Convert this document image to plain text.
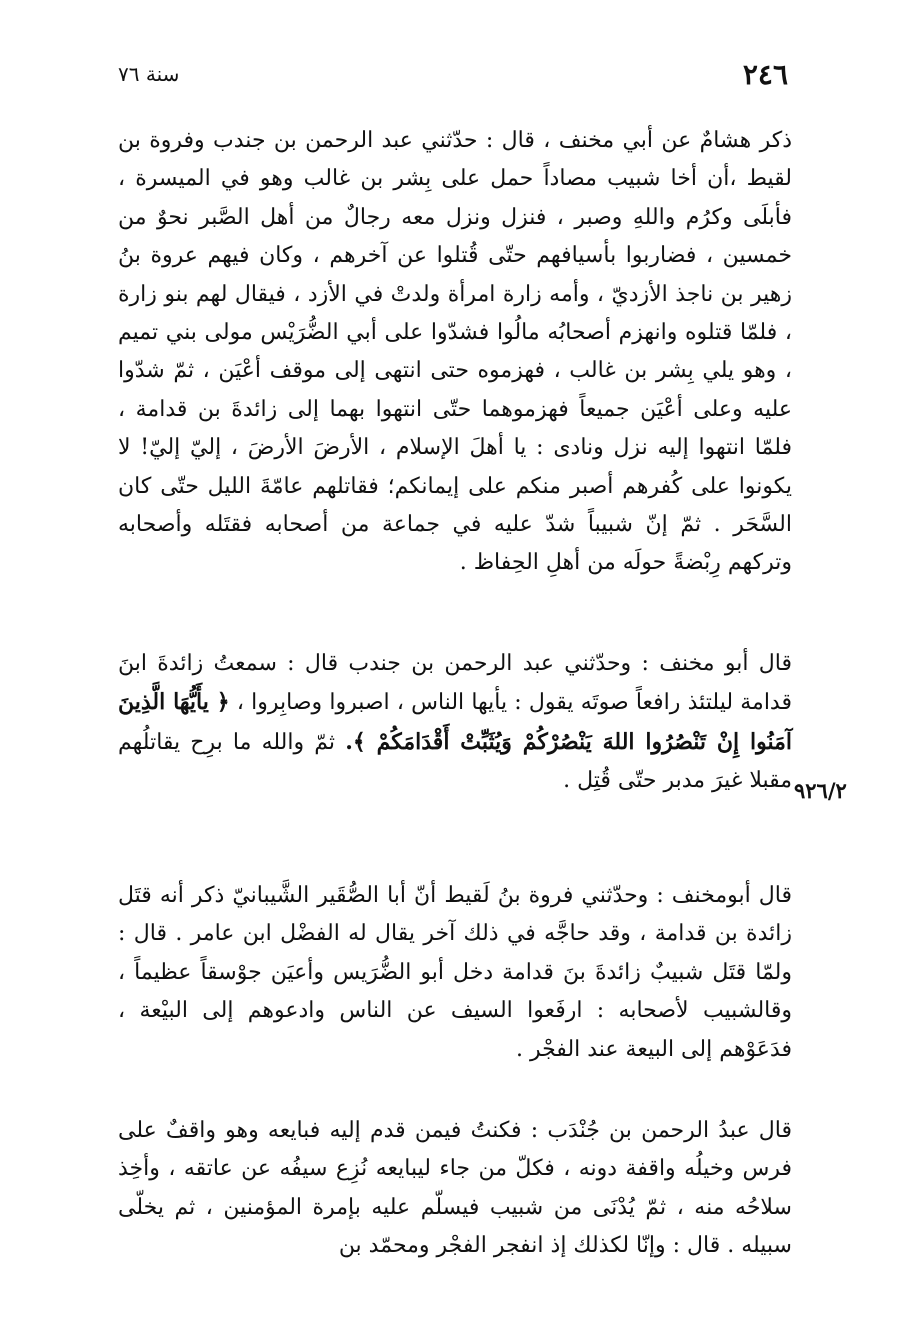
٢٤٦
سنة ٧٦

ذكر هشامٌ عن أبي مخنف ، قال : حدّثني عبد الرحمن بن جندب وفروة بن لقيط ،أن أخا شبيب مصاداً حمل على بِشر بن غالب وهو في الميسرة ، فأبلَى وكرُم واللهِ وصبر ، فنزل ونزل معه رجالٌ من أهل الصَّبر نحوٌ من خمسين ، فضاربوا بأسيافهم حتّى قُتلوا عن آخرهم ، وكان فيهم عروة بنُ زهير بن ناجذ الأزديّ ، وأمه زارة امرأة ولدتْ في الأزد ، فيقال لهم بنو زارة ، فلمّا قتلوه وانهزم أصحابُه مالُوا فشدّوا على أبي الضُّرَيْس مولى بني تميم ، وهو يلي بِشر بن غالب ، فهزموه حتى انتهى إلى موقف أعْيَن ، ثمّ شدّوا عليه وعلى أعْيَن جميعاً فهزموهما حتّى انتهوا بهما إلى زائدةَ بن قدامة ، فلمّا انتهوا إليه نزل ونادى : يا أهلَ الإسلام ، الأرضَ الأرضَ ، إليّ إليّ! لا يكونوا على كُفرهم أصبر منكم على إيمانكم؛ فقاتلهم عامّةَ الليل حتّى كان السَّحَر . ثمّ إنّ شبيباً شدّ عليه في جماعة من أصحابه فقتَله وأصحابه وتركهم رِبْضةً حولَه من أهلِ الحِفاظ .

قال أبو مخنف : وحدّثني عبد الرحمن بن جندب قال : سمعتُ زائدةَ ابنَ قدامة ليلتئذ رافعاً صوتَه يقول : يأيها الناس ، اصبروا وصابِروا ، ﴿ يأَيُّهَا الَّذِينَ آمَنُوا إِنْ تَنْصُرُوا اللهَ يَنْصُرْكُمْ وَيُثَبِّتْ أَقْدَامَكُمْ ﴾. ثمّ والله ما برِح يقاتلُهم مقبلا غيرَ مدبر حتّى قُتِل . ٩٢٦/٢

قال أبومخنف : وحدّثني فروة بنُ لَقيط أنّ أبا الصُّقَير الشَّيبانيّ ذكر أنه قتَل زائدة بن قدامة ، وقد حاجَّه في ذلك آخر يقال له الفضْل ابن عامر . قال : ولمّا قتَل شبيبٌ زائدةَ بنَ قدامة دخل أبو الضُّرَيس وأعيَن جوْسقاً عظيماً ، وقالشبيب لأصحابه : ارفَعوا السيف عن الناس وادعوهم إلى البيْعة ، فدَعَوْهم إلى البيعة عند الفجْر .

قال عبدُ الرحمن بن جُنْدَب : فكنتُ فيمن قدم إليه فبايعه وهو واقفٌ على فرس وخيلُه واقفة دونه ، فكلّ من جاء ليبايعه نُزِع سيفُه عن عاتقه ، وأخِذ سلاحُه منه ، ثمّ يُدْنَى من شبيب فيسلّم عليه بإمرة المؤمنين ، ثم يخلّى سبيله . قال : وإنّا لكذلك إذ انفجر الفجْر ومحمّد بن
